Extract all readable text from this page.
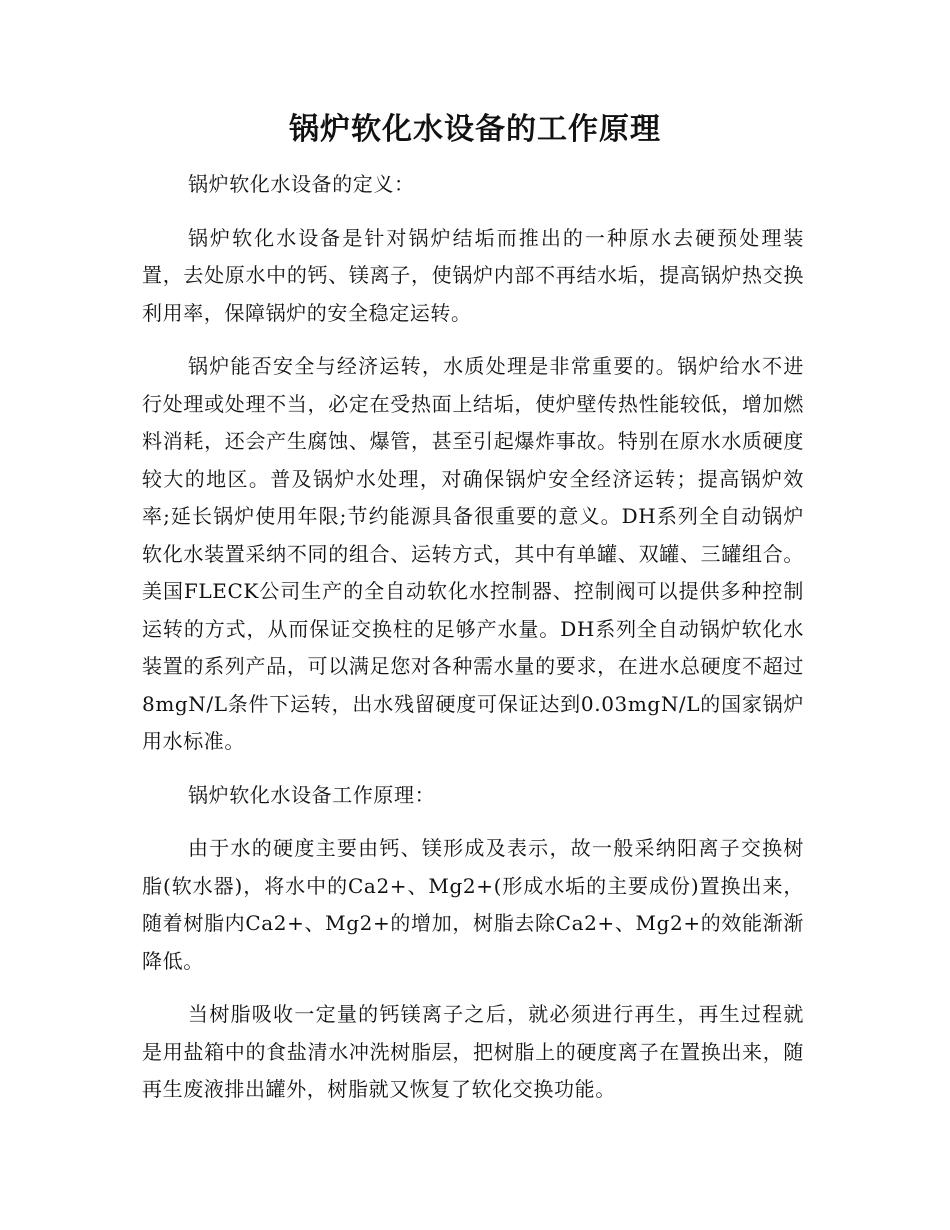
锅炉软化水设备的工作原理

锅炉软化水设备的定义：

锅炉软化水设备是针对锅炉结垢而推出的一种原水去硬预处理装置，去处原水中的钙、镁离子，使锅炉内部不再结水垢，提高锅炉热交换利用率，保障锅炉的安全稳定运转。

锅炉能否安全与经济运转，水质处理是非常重要的。锅炉给水不进行处理或处理不当，必定在受热面上结垢，使炉壁传热性能较低，增加燃料消耗，还会产生腐蚀、爆管，甚至引起爆炸事故。特别在原水水质硬度较大的地区。普及锅炉水处理，对确保锅炉安全经济运转；提高锅炉效率;延长锅炉使用年限;节约能源具备很重要的意义。DH系列全自动锅炉软化水装置采纳不同的组合、运转方式，其中有单罐、双罐、三罐组合。美国FLECK公司生产的全自动软化水控制器、控制阀可以提供多种控制运转的方式，从而保证交换柱的足够产水量。DH系列全自动锅炉软化水装置的系列产品，可以满足您对各种需水量的要求，在进水总硬度不超过8mgN/L条件下运转，出水残留硬度可保证达到0.03mgN/L的国家锅炉用水标准。

锅炉软化水设备工作原理：

由于水的硬度主要由钙、镁形成及表示，故一般采纳阳离子交换树脂(软水器)，将水中的Ca2+、Mg2+(形成水垢的主要成份)置换出来，随着树脂内Ca2+、Mg2+的增加，树脂去除Ca2+、Mg2+的效能渐渐降低。

当树脂吸收一定量的钙镁离子之后，就必须进行再生，再生过程就是用盐箱中的食盐清水冲洗树脂层，把树脂上的硬度离子在置换出来，随再生废液排出罐外，树脂就又恢复了软化交换功能。
